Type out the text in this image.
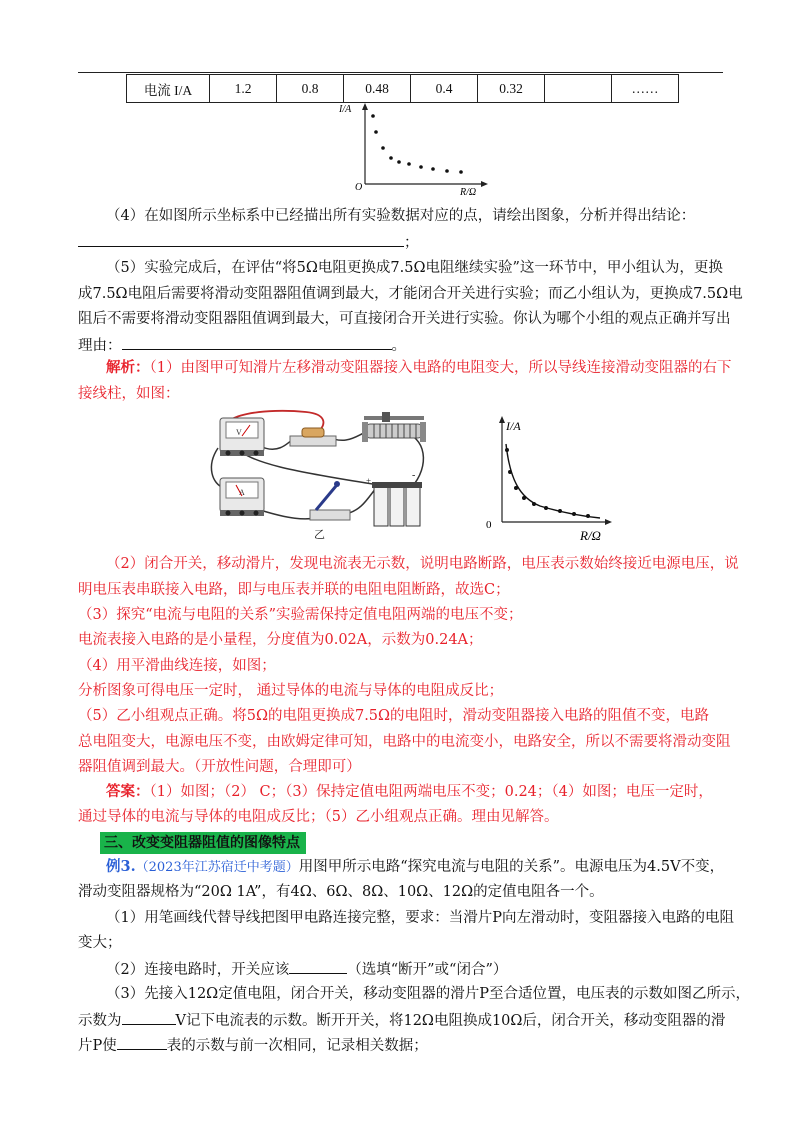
电流 I/A	1.2	0.8	0.48	0.4	0.32		……
I/A
R/Ω
O
（4）在如图所示坐标系中已经描出所有实验数据对应的点，请绘出图象，分析并得出结论：
；
（5）实验完成后，在评估“将5Ω电阻更换成7.5Ω电阻继续实验”这一环节中，甲小组认为，更换
成7.5Ω电阻后需要将滑动变阻器阻值调到最大，才能闭合开关进行实验；而乙小组认为，更换成7.5Ω电
阻后不需要将滑动变阻器阻值调到最大，可直接闭合开关进行实验。你认为哪个小组的观点正确并写出
理由：	。
解析：（1）由图甲可知滑片左移滑动变阻器接入电路的电阻变大，所以导线连接滑动变阻器的右下
接线柱，如图：
V
A
+	-
乙
I/A
R/Ω
0
（2）闭合开关，移动滑片，发现电流表无示数，说明电路断路，电压表示数始终接近电源电压，说
明电压表串联接入电路，即与电压表并联的电阻电阻断路，故选C；
（3）探究“电流与电阻的关系”实验需保持定值电阻两端的电压不变；
电流表接入电路的是小量程，分度值为0.02A，示数为0.24A；
（4）用平滑曲线连接，如图；
分析图象可得电压一定时， 通过导体的电流与导体的电阻成反比；
（5）乙小组观点正确。将5Ω的电阻更换成7.5Ω的电阻时，滑动变阻器接入电路的阻值不变，电路
总电阻变大，电源电压不变，由欧姆定律可知，电路中的电流变小，电路安全，所以不需要将滑动变阻
器阻值调到最大。（开放性问题，合理即可）
答案：（1）如图；（2） C；（3）保持定值电阻两端电压不变；0.24；（4）如图；电压一定时，
通过导体的电流与导体的电阻成反比；（5）乙小组观点正确。理由见解答。
三、改变变阻器阻值的图像特点
例3.（2023年江苏宿迁中考题）用图甲所示电路“探究电流与电阻的关系”。电源电压为4.5V不变，
滑动变阻器规格为“20Ω 1A”，有4Ω、6Ω、8Ω、10Ω、12Ω的定值电阻各一个。
（1）用笔画线代替导线把图甲电路连接完整，要求：当滑片P向左滑动时，变阻器接入电路的电阻
变大；
（2）连接电路时，开关应该	（选填“断开”或“闭合”）
（3）先接入12Ω定值电阻，闭合开关，移动变阻器的滑片P至合适位置，电压表的示数如图乙所示，
示数为	V记下电流表的示数。断开开关，将12Ω电阻换成10Ω后，闭合开关，移动变阻器的滑
片P使	表的示数与前一次相同，记录相关数据；
